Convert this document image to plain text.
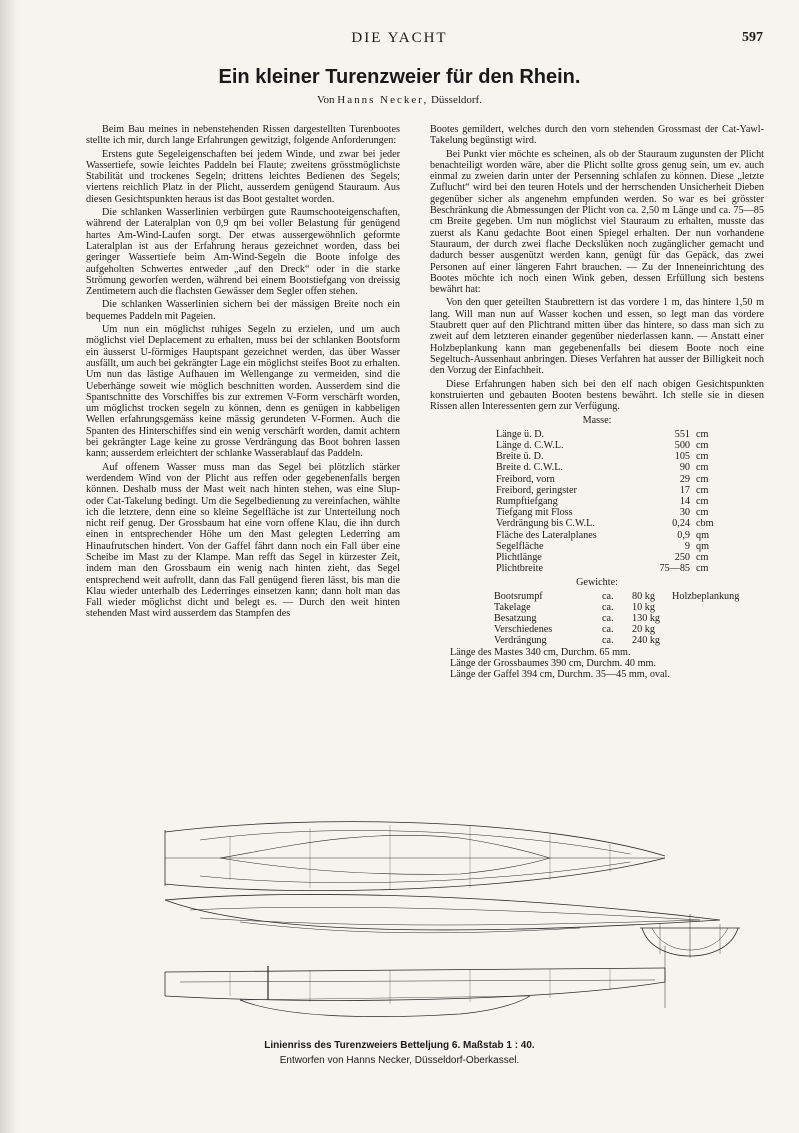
DIE YACHT	597
Ein kleiner Turenzweier für den Rhein.
Von Hanns Necker, Düsseldorf.

Beim Bau meines in nebenstehenden Rissen dargestellten Turenbootes stellte ich mir, durch lange Erfahrungen gewitzigt, folgende Anforderungen:

Erstens gute Segeleigenschaften bei jedem Winde, und zwar bei jeder Wassertiefe, sowie leichtes Paddeln bei Flaute; zweitens grösstmöglichste Stabilität und trockenes Segeln; drittens leichtes Bedienen des Segels; viertens reichlich Platz in der Plicht, ausserdem genügend Stauraum. Aus diesen Gesichtspunkten heraus ist das Boot gestaltet worden.

Die schlanken Wasserlinien verbürgen gute Raumschooteigenschaften, während der Lateralplan von 0,9 qm bei voller Belastung für genügend hartes Am-Wind-Laufen sorgt. Der etwas aussergewöhnlich geformte Lateralplan ist aus der Erfahrung heraus gezeichnet worden, dass bei geringer Wassertiefe beim Am-Wind-Segeln die Boote infolge des aufgeholten Schwertes entweder „auf den Dreck“ oder in die starke Strömung geworfen werden, während bei einem Bootstiefgang von dreissig Zentimetern auch die flachsten Gewässer dem Segler offen stehen.

Die schlanken Wasserlinien sichern bei der mässigen Breite noch ein bequemes Paddeln mit Pageien.

Um nun ein möglichst ruhiges Segeln zu erzielen, und um auch möglichst viel Deplacement zu erhalten, muss bei der schlanken Bootsform ein äusserst U-förmiges Hauptspant gezeichnet werden, das über Wasser ausfällt, um auch bei gekrängter Lage ein möglichst steifes Boot zu erhalten. Um nun das lästige Aufhauen im Wellengange zu vermeiden, sind die Ueberhänge soweit wie möglich beschnitten worden. Ausserdem sind die Spantschnitte des Vorschiffes bis zur extremen V-Form verschärft worden, um möglichst trocken segeln zu können, denn es genügen in kabbeligen Wellen erfahrungsgemäss keine mässig gerundeten V-Formen. Auch die Spanten des Hinterschiffes sind ein wenig verschärft worden, damit achtern bei gekrängter Lage keine zu grosse Verdrängung das Boot bohren lassen kann; ausserdem erleichtert der schlanke Wasserablauf das Paddeln.

Auf offenem Wasser muss man das Segel bei plötzlich stärker werdendem Wind von der Plicht aus reffen oder gegebenenfalls bergen können. Deshalb muss der Mast weit nach hinten stehen, was eine Slup- oder Cat-Takelung bedingt. Um die Segelbedienung zu vereinfachen, wählte ich die letztere, denn eine so kleine Segelfläche ist zur Unterteilung noch nicht reif genug. Der Grossbaum hat eine vorn offene Klau, die ihn durch einen in entsprechender Höhe um den Mast gelegten Lederring am Hinaufrutschen hindert. Von der Gaffel fährt dann noch ein Fall über eine Scheibe im Mast zu der Klampe. Man refft das Segel in kürzester Zeit, indem man den Grossbaum ein wenig nach hinten zieht, das Segel entsprechend weit aufrollt, dann das Fall genügend fieren lässt, bis man die Klau wieder unterhalb des Lederringes einsetzen kann; dann holt man das Fall wieder möglichst dicht und belegt es. — Durch den weit hinten stehenden Mast wird ausserdem das Stampfen des

Bootes gemildert, welches durch den vorn stehenden Grossmast der Cat-Yawl-Takelung begünstigt wird.

Bei Punkt vier möchte es scheinen, als ob der Stauraum zugunsten der Plicht benachteiligt worden wäre, aber die Plicht sollte gross genug sein, um ev. auch einmal zu zweien darin unter der Persenning schlafen zu können. Diese „letzte Zuflucht“ wird bei den teuren Hotels und der herrschenden Unsicherheit Dieben gegenüber sicher als angenehm empfunden werden. So war es bei grösster Beschränkung die Abmessungen der Plicht von ca. 2,50 m Länge und ca. 75—85 cm Breite gegeben. Um nun möglichst viel Stauraum zu erhalten, musste das zuerst als Kanu gedachte Boot einen Spiegel erhalten. Der nun vorhandene Stauraum, der durch zwei flache Deckslüken noch zugänglicher gemacht und dadurch besser ausgenützt werden kann, genügt für das Gepäck, das zwei Personen auf einer längeren Fahrt brauchen. — Zu der Inneneinrichtung des Bootes möchte ich noch einen Wink geben, dessen Erfüllung sich bestens bewährt hat:

Von den quer geteilten Staubrettern ist das vordere 1 m, das hintere 1,50 m lang. Will man nun auf Wasser kochen und essen, so legt man das vordere Staubrett quer auf den Plichtrand mitten über das hintere, so dass man sich zu zweit auf dem letzteren einander gegenüber niederlassen kann. — Anstatt einer Holzbeplankung kann man gegebenenfalls bei diesem Boote noch eine Segeltuch-Aussenhaut anbringen. Dieses Verfahren hat ausser der Billigkeit noch den Vorzug der Einfachheit.

Diese Erfahrungen haben sich bei den elf nach obigen Gesichtspunkten konstruierten und gebauten Booten bestens bewährt. Ich stelle sie in diesen Rissen allen Interessenten gern zur Verfügung.

Masse:
Länge ü. D.	551	cm
Länge d. C.W.L.	500	cm
Breite ü. D.	105	cm
Breite d. C.W.L.	90	cm
Freibord, vorn	29	cm
Freibord, geringster	17	cm
Rumpftiefgang	14	cm
Tiefgang mit Floss	30	cm
Verdrängung bis C.W.L.	0,24	cbm
Fläche des Lateralplanes	0,9	qm
Segelfläche	9	qm
Plichtlänge	250	cm
Plichtbreite	75—85	cm
Gewichte:
Bootsrumpf	ca.	80 kg	Holzbeplankung
Takelage	ca.	10 kg	
Besatzung	ca.	130 kg	
Verschiedenes	ca.	20 kg	
Verdrängung	ca.	240 kg	
Länge des Mastes 340 cm, Durchm. 65 mm.
Länge der Grossbaumes 390 cm, Durchm. 40 mm.
Länge der Gaffel 394 cm, Durchm. 35—45 mm, oval.
Linienriss des Turenzweiers Betteljung 6. Maßstab 1 : 40.
Entworfen von Hanns Necker, Düsseldorf-Oberkassel.
